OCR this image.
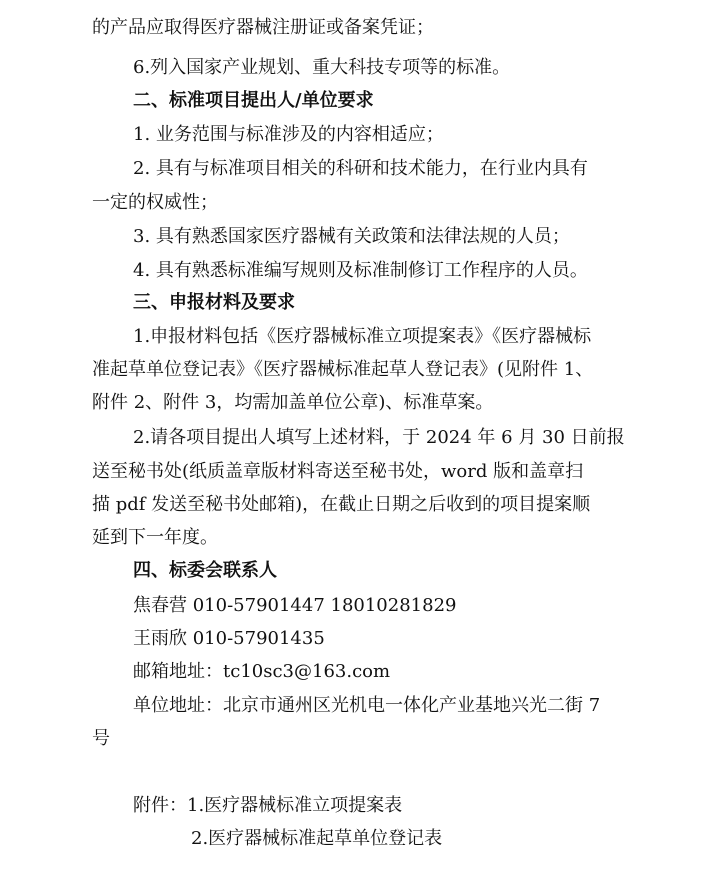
的产品应取得医疗器械注册证或备案凭证；
6.列入国家产业规划、重大科技专项等的标准。
二、标准项目提出人/单位要求
1. 业务范围与标准涉及的内容相适应；
2. 具有与标准项目相关的科研和技术能力，在行业内具有
一定的权威性；
3. 具有熟悉国家医疗器械有关政策和法律法规的人员；
4. 具有熟悉标准编写规则及标准制修订工作程序的人员。
三、申报材料及要求
1.申报材料包括《医疗器械标准立项提案表》《医疗器械标
准起草单位登记表》《医疗器械标准起草人登记表》(见附件 1、
附件 2、附件 3，均需加盖单位公章)、标准草案。
2.请各项目提出人填写上述材料，于 2024 年 6 月 30 日前报
送至秘书处(纸质盖章版材料寄送至秘书处，word 版和盖章扫
描 pdf 发送至秘书处邮箱)，在截止日期之后收到的项目提案顺
延到下一年度。
四、标委会联系人
焦春营 010-57901447 18010281829
王雨欣 010-57901435
邮箱地址：tc10sc3@163.com
单位地址：北京市通州区光机电一体化产业基地兴光二街 7
号
附件：1.医疗器械标准立项提案表
2.医疗器械标准起草单位登记表
